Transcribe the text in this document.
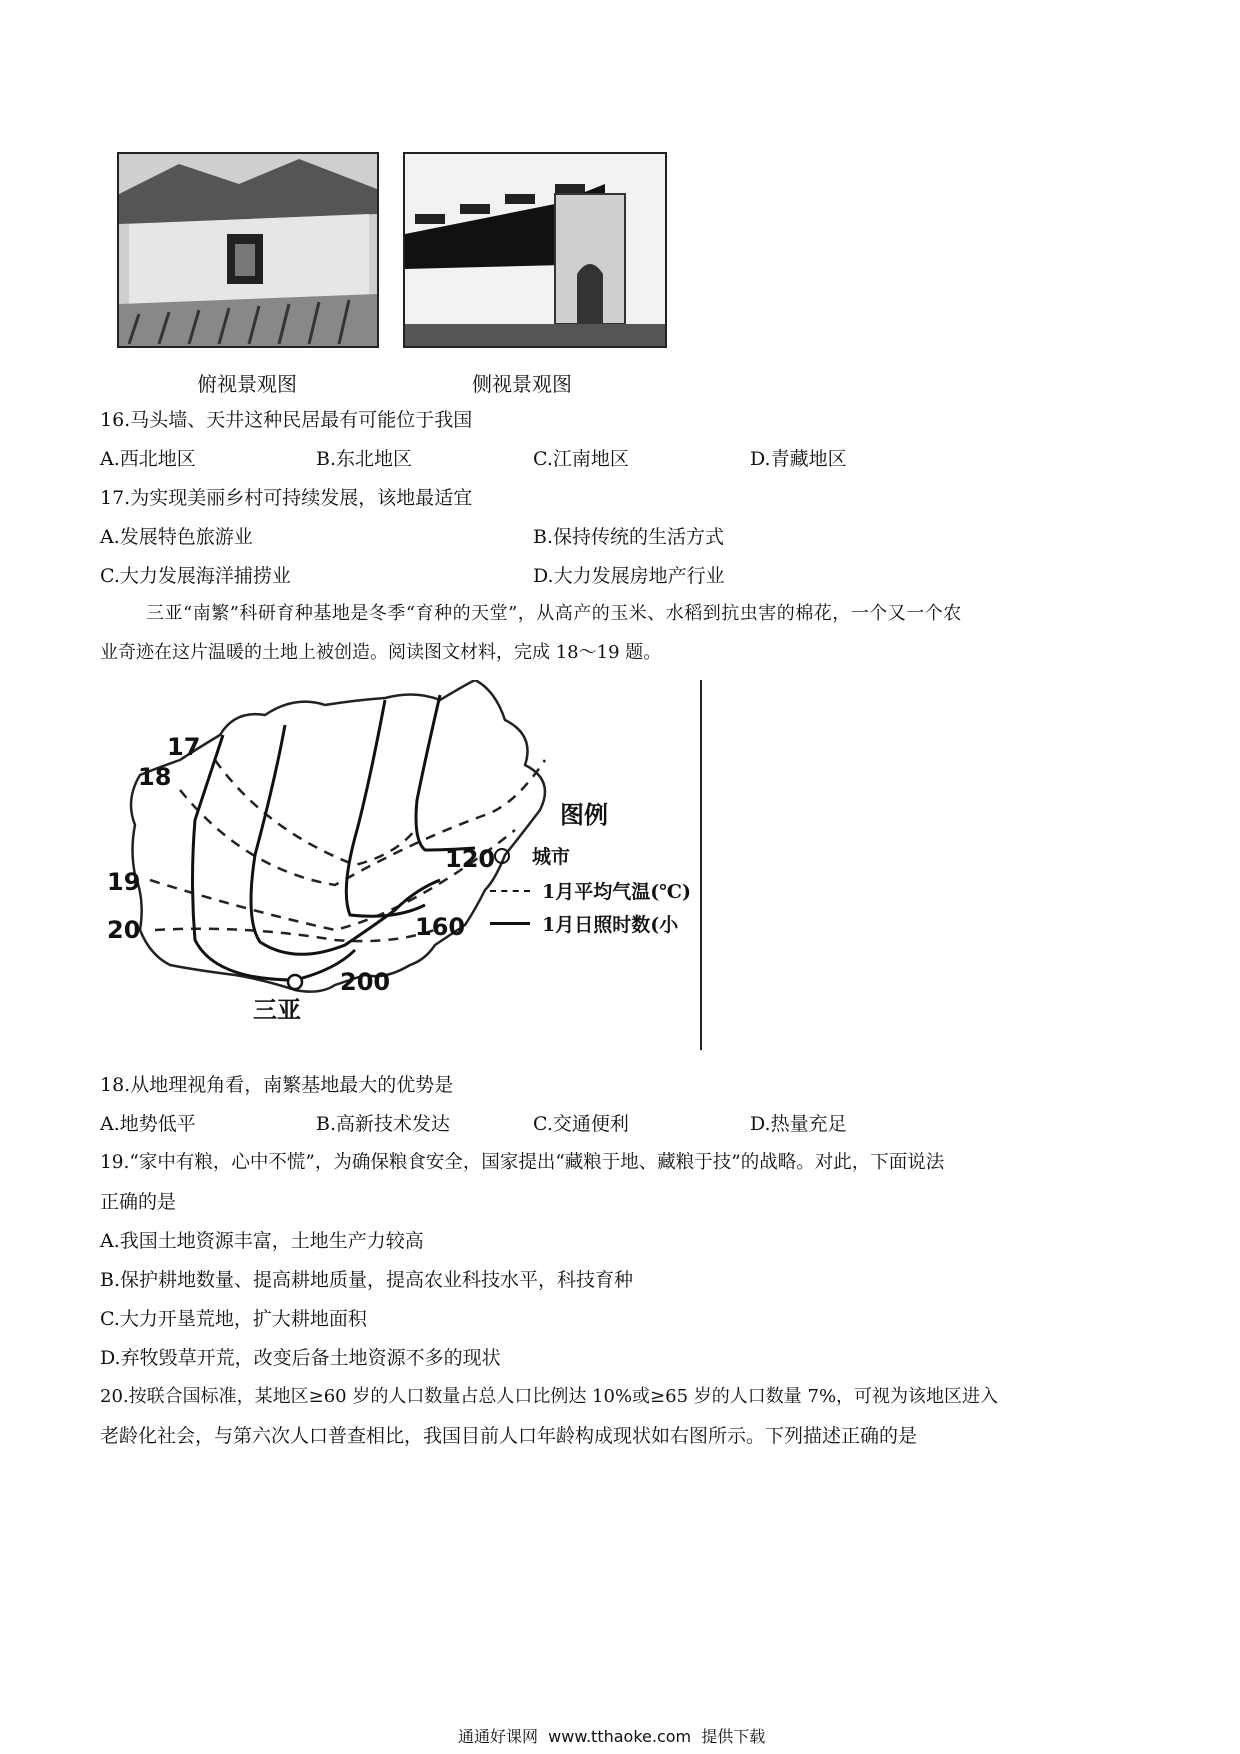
俯视景观图	侧视景观图
16.马头墙、天井这种民居最有可能位于我国
A.西北地区	B.东北地区	C.江南地区	D.青藏地区
17.为实现美丽乡村可持续发展，该地最适宜
A.发展特色旅游业	B.保持传统的生活方式
C.大力发展海洋捕捞业	D.大力发展房地产行业
三亚“南繁”科研育种基地是冬季“育种的天堂”，从高产的玉米、水稻到抗虫害的棉花，一个又一个农
业奇迹在这片温暖的土地上被创造。阅读图文材料，完成 18～19 题。
17
18
19
20
120
160
200
三亚
图例
城市
1月平均气温(℃)
1月日照时数(小
18.从地理视角看，南繁基地最大的优势是
A.地势低平	B.高新技术发达	C.交通便利	D.热量充足
19.“家中有粮，心中不慌”，为确保粮食安全，国家提出“藏粮于地、藏粮于技”的战略。对此，下面说法
正确的是
A.我国土地资源丰富，土地生产力较高
B.保护耕地数量、提高耕地质量，提高农业科技水平，科技育种
C.大力开垦荒地，扩大耕地面积
D.弃牧毁草开荒，改变后备土地资源不多的现状
20.按联合国标准，某地区≥60 岁的人口数量占总人口比例达 10%或≥65 岁的人口数量 7%，可视为该地区进入
老龄化社会，与第六次人口普查相比，我国目前人口年龄构成现状如右图所示。下列描述正确的是
通通好课网  www.tthaoke.com  提供下载
